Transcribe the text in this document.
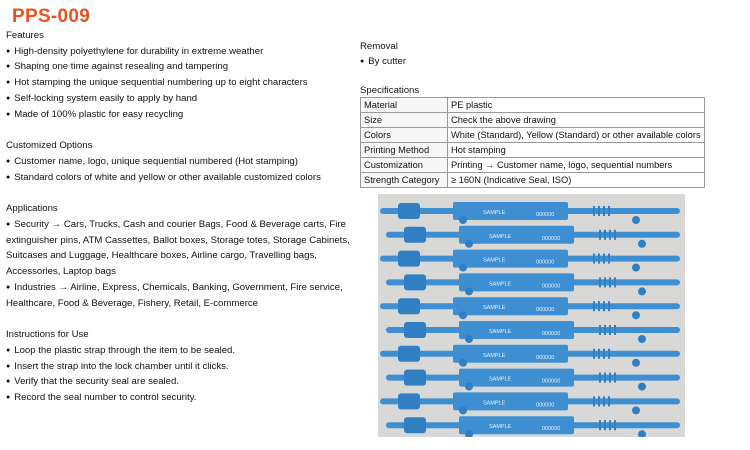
PPS-009
Features
● High-density polyethylene for durability in extreme weather
● Shaping one time against resealing and tampering
● Hot stamping the unique sequential numbering up to eight characters
● Self-locking system easily to apply by hand
● Made of 100% plastic for easy recycling
Customized Options
● Customer name, logo, unique sequential numbered (Hot stamping)
● Standard colors of white and yellow or other available customized colors
Applications
● Security → Cars, Trucks, Cash and courier Bags, Food & Beverage carts, Fire extinguisher pins, ATM Cassettes, Ballot boxes, Storage totes, Storage Cabinets, Suitcases and Luggage, Healthcare boxes, Airline cargo, Travelling bags, Accessories, Laptop bags
● Industries → Airline, Express, Chemicals, Banking, Government, Fire service, Healthcare, Food & Beverage, Fishery, Retail, E-commerce
Instructions for Use
● Loop the plastic strap through the item to be sealed.
● Insert the strap into the lock chamber until it clicks.
● Verify that the security seal are sealed.
● Record the seal number to control security.
Removal
● By cutter
Specifications
Material	PE plastic
Size	Check the above drawing
Colors	White (Standard), Yellow (Standard) or other available colors
Printing Method	Hot stamping
Customization	Printing → Customer name, logo, sequential numbers
Strength Category	≥ 160N (Indicative Seal, ISO)
SAMPLE	000000
SAMPLE	000000
SAMPLE	000000
SAMPLE	000000
SAMPLE	000000
SAMPLE	000000
SAMPLE	000000
SAMPLE	000000
SAMPLE	000000
SAMPLE	000000
